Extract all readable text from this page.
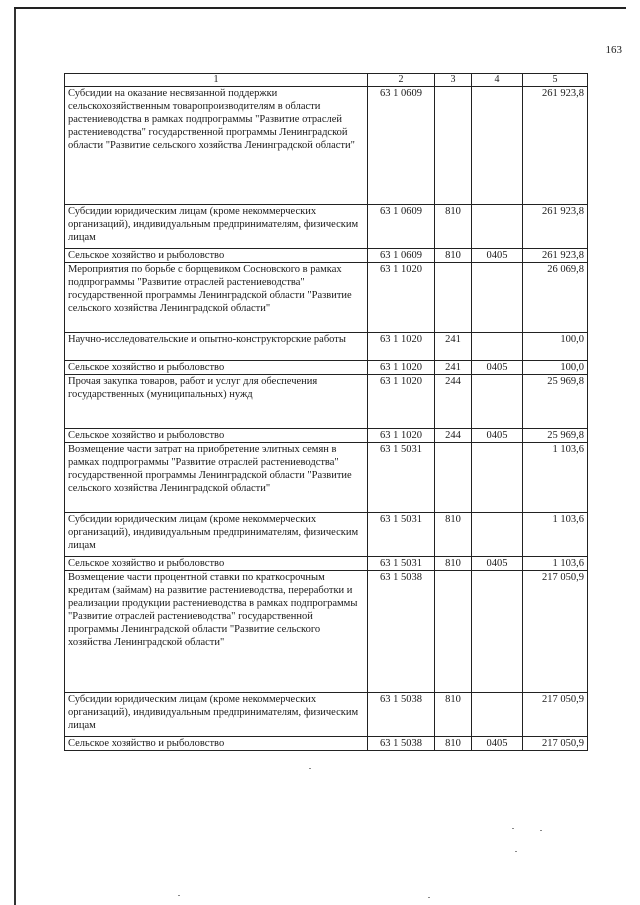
163
1	2	3	4	5
Субсидии на оказание несвязанной поддержки сельскохозяйственным товаропроизводителям в области растениеводства в рамках подпрограммы "Развитие отраслей растениеводства" государственной программы Ленинградской области "Развитие сельского хозяйства Ленинградской области"	63 1 0609			261 923,8
Субсидии юридическим лицам (кроме некоммерческих организаций), индивидуальным предпринимателям, физическим лицам	63 1 0609	810		261 923,8
Сельское хозяйство и рыболовство	63 1 0609	810	0405	261 923,8
Мероприятия по борьбе с борщевиком Сосновского в рамках подпрограммы "Развитие отраслей растениеводства" государственной программы Ленинградской области "Развитие сельского хозяйства Ленинградской области"	63 1 1020			26 069,8
Научно-исследовательские и опытно-конструкторские работы	63 1 1020	241		100,0
Сельское хозяйство и рыболовство	63 1 1020	241	0405	100,0
Прочая закупка товаров, работ и услуг для обеспечения государственных (муниципальных) нужд	63 1 1020	244		25 969,8
Сельское хозяйство и рыболовство	63 1 1020	244	0405	25 969,8
Возмещение части затрат на приобретение элитных семян в рамках подпрограммы "Развитие отраслей растениеводства" государственной программы Ленинградской области "Развитие сельского хозяйства Ленинградской области"	63 1 5031			1 103,6
Субсидии юридическим лицам (кроме некоммерческих организаций), индивидуальным предпринимателям, физическим лицам	63 1 5031	810		1 103,6
Сельское хозяйство и рыболовство	63 1 5031	810	0405	1 103,6
Возмещение части процентной ставки по краткосрочным кредитам (займам) на развитие растениеводства, переработки и реализации продукции растениеводства в рамках подпрограммы "Развитие отраслей растениеводства" государственной программы Ленинградской области "Развитие сельского хозяйства Ленинградской области"	63 1 5038			217 050,9
Субсидии юридическим лицам (кроме некоммерческих организаций), индивидуальным предпринимателям, физическим лицам	63 1 5038	810		217 050,9
Сельское хозяйство и рыболовство	63 1 5038	810	0405	217 050,9
